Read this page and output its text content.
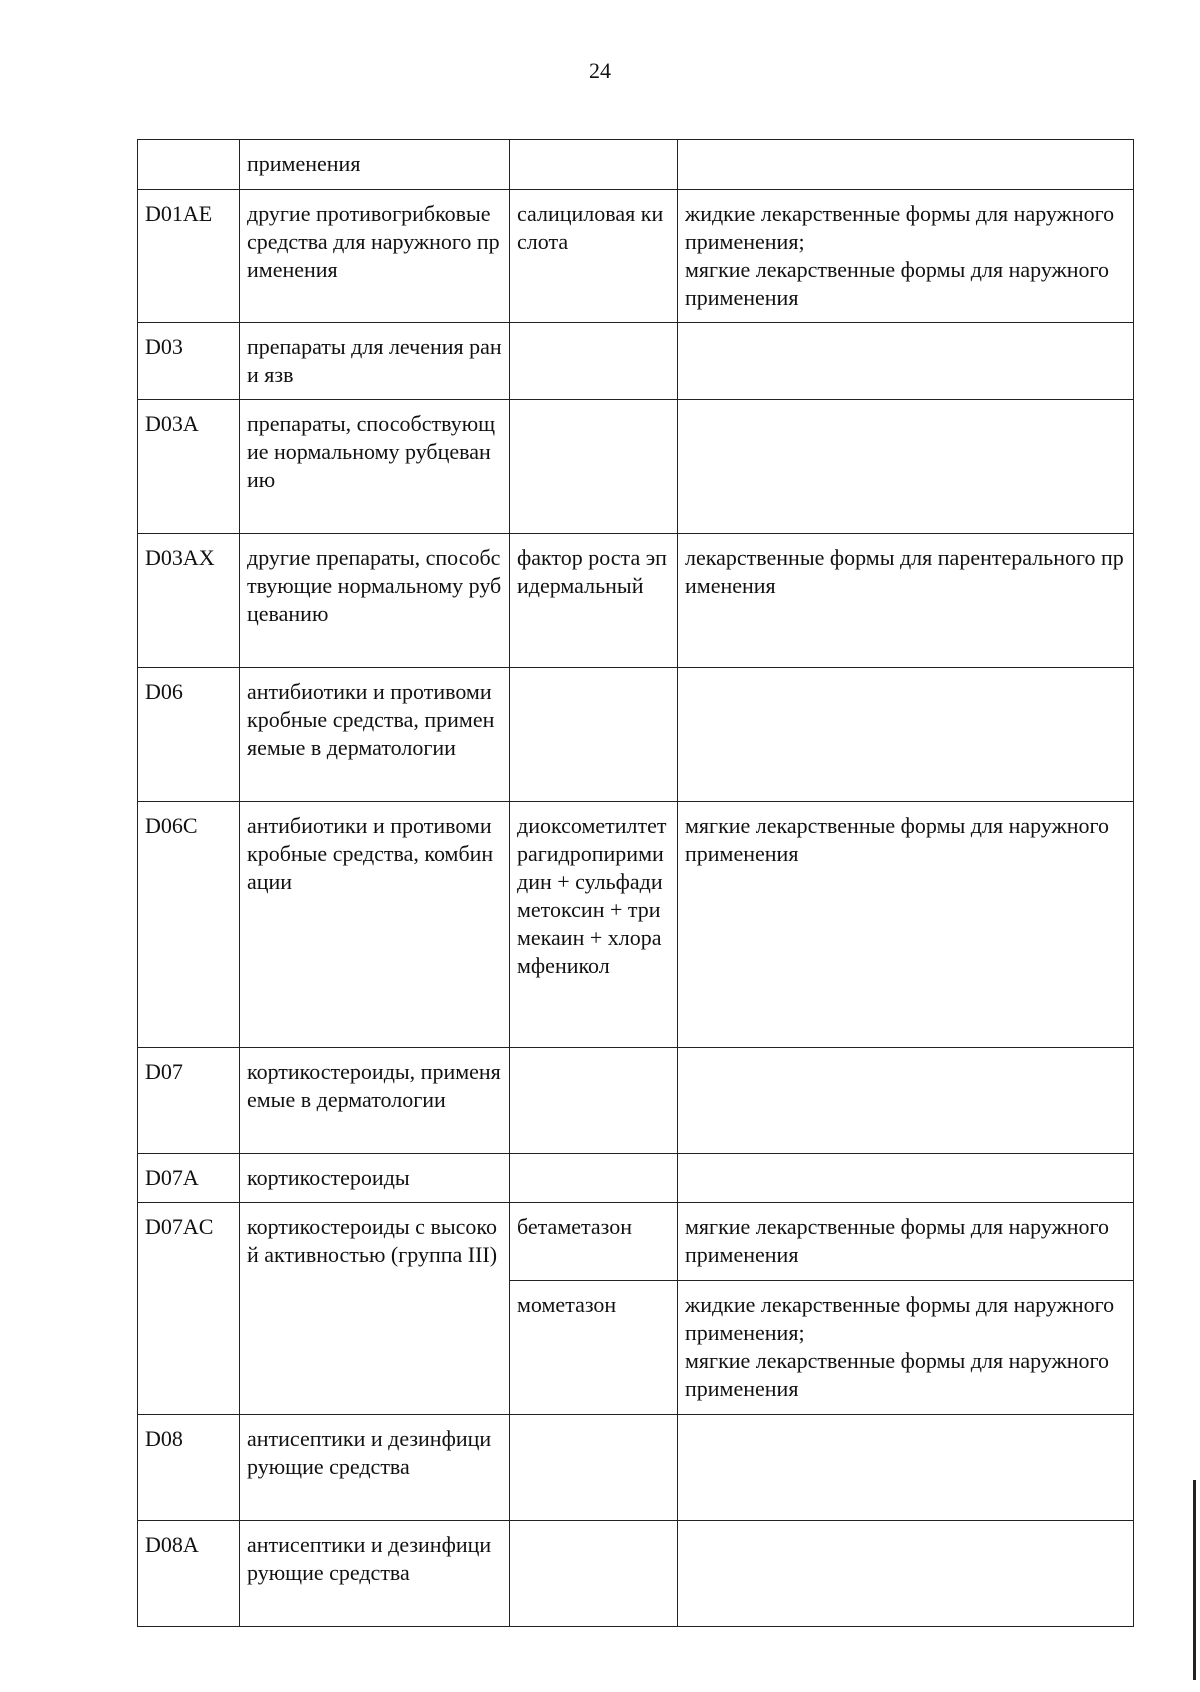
24

	применения		

D01AE	другие противогрибковые средства для наружного применения	салициловая кислота	жидкие лекарственные формы для наружного применения;
мягкие лекарственные формы для наружного применения

D03	препараты для лечения ран и язв		

D03A	препараты, способствующие нормальному рубцеванию		

D03AX	другие препараты, способствующие нормальному рубцеванию	фактор роста эпидермальный	лекарственные формы для парентерального применения

D06	антибиотики и противомикробные средства, применяемые в дерматологии		

D06C	антибиотики и противомикробные средства, комбинации	диоксометилтетрагидропиримидин + сульфадиметоксин + тримекаин + хлорамфеникол	мягкие лекарственные формы для наружного применения

D07	кортикостероиды, применяемые в дерматологии		

D07A	кортикостероиды		

D07AC	кортикостероиды с высокой активностью (группа III)	бетаметазон	мягкие лекарственные формы для наружного применения

		мометазон	жидкие лекарственные формы для наружного применения;
мягкие лекарственные формы для наружного применения

D08	антисептики и дезинфицирующие средства		

D08A	антисептики и дезинфицирующие средства		
